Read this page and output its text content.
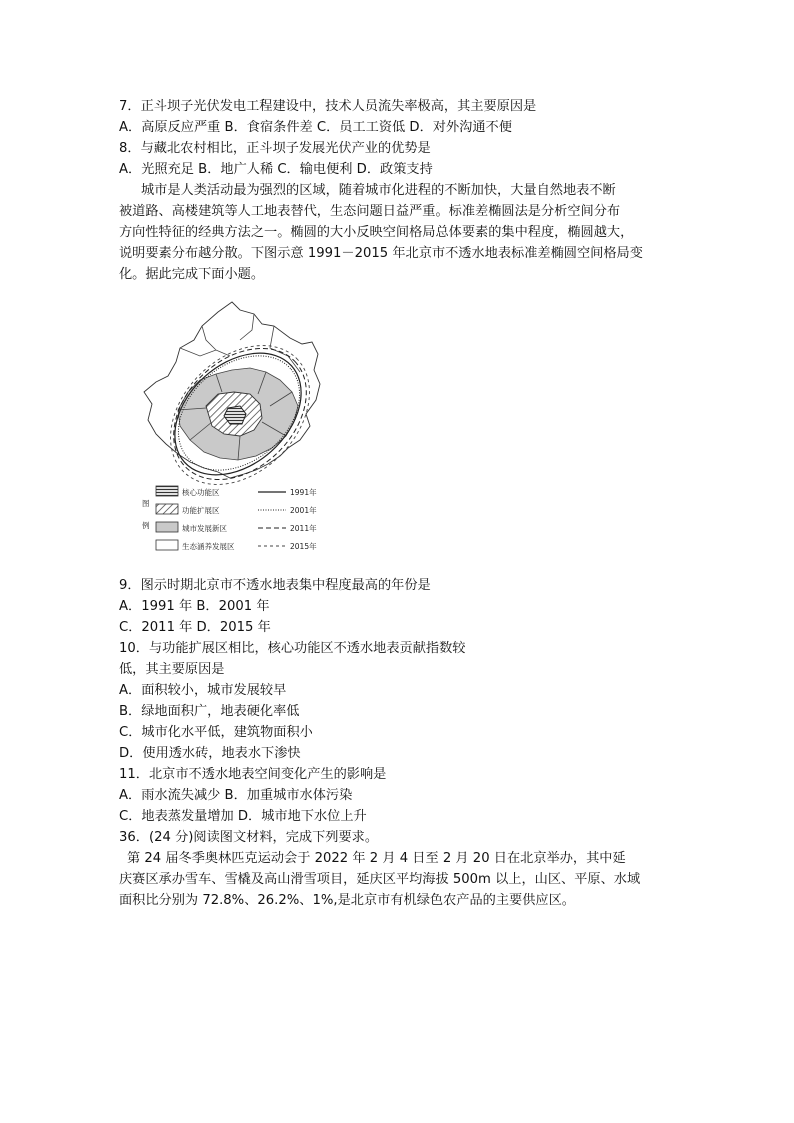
7．正斗坝子光伏发电工程建设中，技术人员流失率极高，其主要原因是
A．高原反应严重 B．食宿条件差 C．员工工资低 D．对外沟通不便
8．与藏北农村相比，正斗坝子发展光伏产业的优势是
A．光照充足 B．地广人稀 C．输电便利 D．政策支持
城市是人类活动最为强烈的区域，随着城市化进程的不断加快，大量自然地表不断
被道路、高楼建筑等人工地表替代，生态问题日益严重。标准差椭圆法是分析空间分布
方向性特征的经典方法之一。椭圆的大小反映空间格局总体要素的集中程度，椭圆越大，
说明要素分布越分散。下图示意 1991－2015 年北京市不透水地表标准差椭圆空间格局变
化。据此完成下面小题。
图
例
核心功能区
功能扩展区
城市发展新区
生态涵养发展区
1991年
2001年
2011年
2015年
9．图示时期北京市不透水地表集中程度最高的年份是
A．1991 年 B．2001 年
C．2011 年 D．2015 年
10．与功能扩展区相比，核心功能区不透水地表贡献指数较
低，其主要原因是
A．面积较小，城市发展较早
B．绿地面积广，地表硬化率低
C．城市化水平低，建筑物面积小
D．使用透水砖，地表水下渗快
11．北京市不透水地表空间变化产生的影响是
A．雨水流失减少 B．加重城市水体污染
C．地表蒸发量增加 D．城市地下水位上升
36．(24 分)阅读图文材料，完成下列要求。
第 24 届冬季奥林匹克运动会于 2022 年 2 月 4 日至 2 月 20 日在北京举办，其中延
庆赛区承办雪车、雪橇及高山滑雪项目，延庆区平均海拔 500m 以上，山区、平原、水域
面积比分别为 72.8%、26.2%、1%,是北京市有机绿色农产品的主要供应区。
